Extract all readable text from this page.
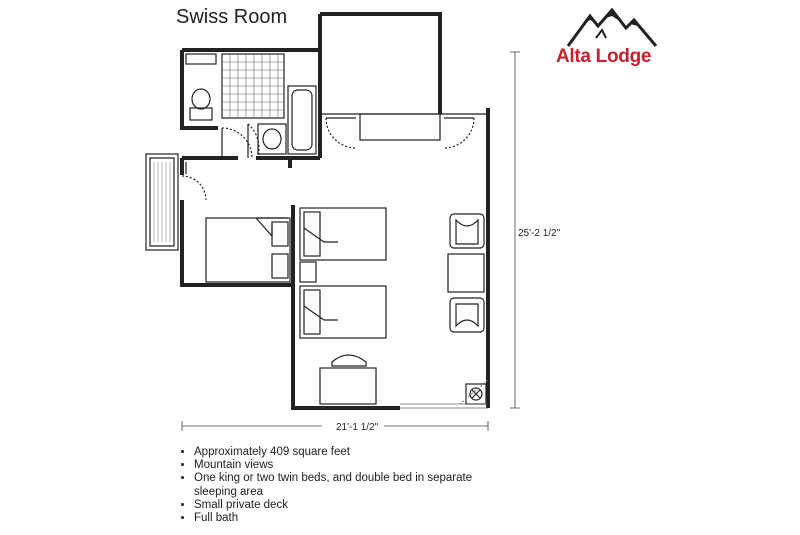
Swiss Room
Alta Lodge
25'-2 1/2"
21'-1 1/2"
• Approximately 409 square feet
• Mountain views
• One king or two twin beds, and double bed in separate sleeping area
• Small private deck
• Full bath
